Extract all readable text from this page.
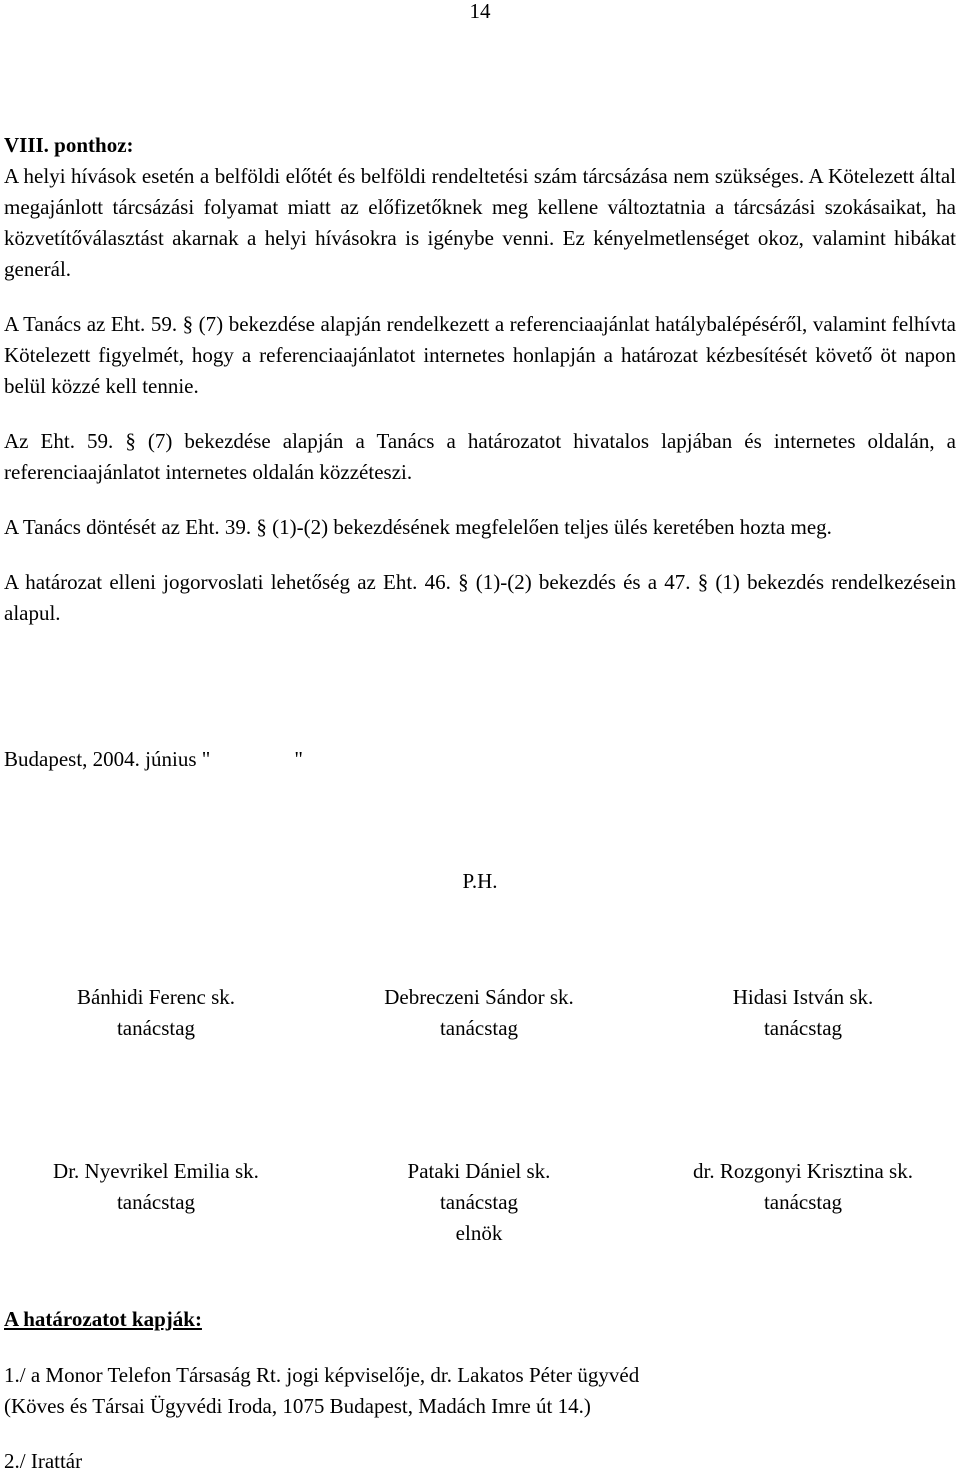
14

VIII. ponthoz:

A helyi hívások esetén a belföldi előtét és belföldi rendeltetési szám tárcsázása nem szükséges. A Kötelezett által megajánlott tárcsázási folyamat miatt az előfizetőknek meg kellene változtatnia a tárcsázási szokásaikat, ha közvetítőválasztást akarnak a helyi hívásokra is igénybe venni. Ez kényelmetlenséget okoz, valamint hibákat generál.

A Tanács az Eht. 59. § (7) bekezdése alapján rendelkezett a referenciaajánlat hatálybalépéséről, valamint felhívta Kötelezett figyelmét, hogy a referenciaajánlatot internetes honlapján a határozat kézbesítését követő öt napon belül közzé kell tennie.

Az Eht. 59. § (7) bekezdése alapján a Tanács a határozatot hivatalos lapjában és internetes oldalán, a referenciaajánlatot internetes oldalán közzéteszi.

A Tanács döntését az Eht. 39. § (1)-(2) bekezdésének megfelelően teljes ülés keretében hozta meg.

A határozat elleni jogorvoslati lehetőség az Eht. 46. § (1)-(2) bekezdés és a 47. § (1) bekezdés rendelkezésein alapul.

Budapest, 2004. június "	"
P.H.
Bánhidi Ferenc sk.
tanácstag
Debreczeni Sándor sk.
tanácstag
Hidasi István sk.
tanácstag
Dr. Nyevrikel Emilia sk.
tanácstag
Pataki Dániel sk.
tanácstag
elnök
dr. Rozgonyi Krisztina sk.
tanácstag
A határozatot kapják:
1./ a Monor Telefon Társaság Rt. jogi képviselője, dr. Lakatos Péter ügyvéd
(Köves és Társai Ügyvédi Iroda, 1075 Budapest, Madách Imre út 14.)
2./ Irattár
